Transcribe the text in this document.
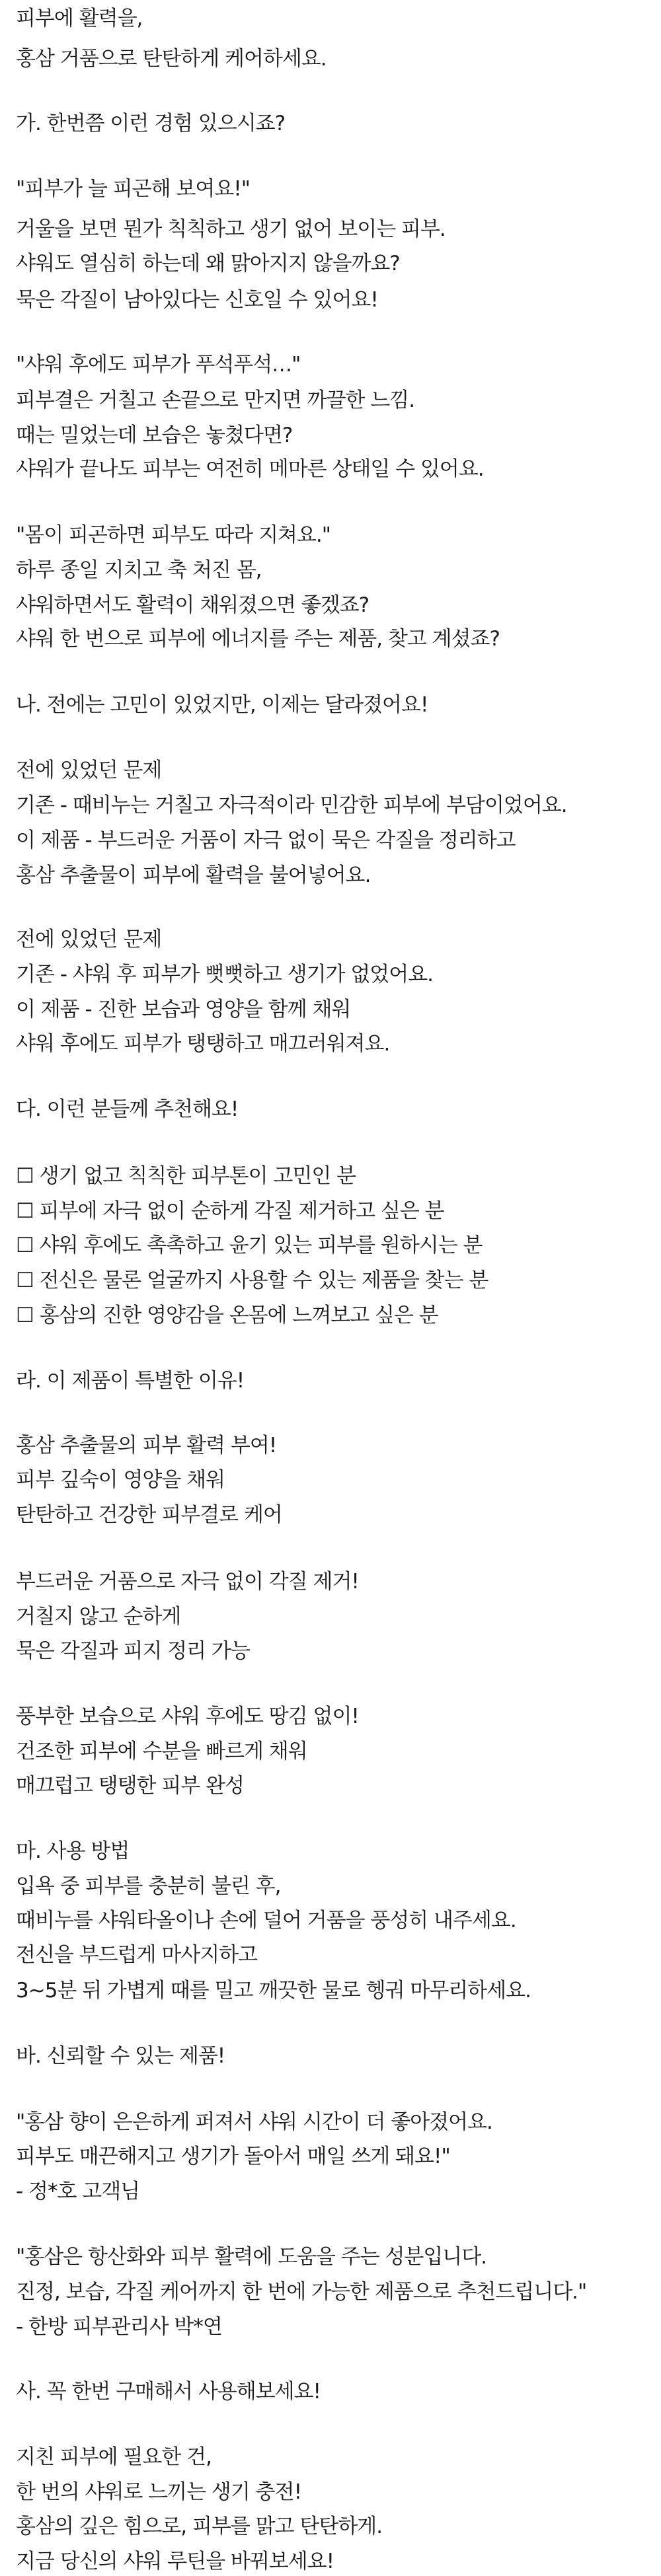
피부에 활력을,
홍삼 거품으로 탄탄하게 케어하세요.
가. 한번쯤 이런 경험 있으시죠?
"피부가 늘 피곤해 보여요!"
거울을 보면 뭔가 칙칙하고 생기 없어 보이는 피부.
샤워도 열심히 하는데 왜 맑아지지 않을까요?
묵은 각질이 남아있다는 신호일 수 있어요!
"샤워 후에도 피부가 푸석푸석…"
피부결은 거칠고 손끝으로 만지면 까끌한 느낌.
때는 밀었는데 보습은 놓쳤다면?
샤워가 끝나도 피부는 여전히 메마른 상태일 수 있어요.
"몸이 피곤하면 피부도 따라 지쳐요."
하루 종일 지치고 축 처진 몸,
샤워하면서도 활력이 채워졌으면 좋겠죠?
샤워 한 번으로 피부에 에너지를 주는 제품, 찾고 계셨죠?
나. 전에는 고민이 있었지만, 이제는 달라졌어요!
전에 있었던 문제
기존 - 때비누는 거칠고 자극적이라 민감한 피부에 부담이었어요.
이 제품 - 부드러운 거품이 자극 없이 묵은 각질을 정리하고
홍삼 추출물이 피부에 활력을 불어넣어요.
전에 있었던 문제
기존 - 샤워 후 피부가 뻣뻣하고 생기가 없었어요.
이 제품 - 진한 보습과 영양을 함께 채워
샤워 후에도 피부가 탱탱하고 매끄러워져요.
다. 이런 분들께 추천해요!
☐ 생기 없고 칙칙한 피부톤이 고민인 분
☐ 피부에 자극 없이 순하게 각질 제거하고 싶은 분
☐ 샤워 후에도 촉촉하고 윤기 있는 피부를 원하시는 분
☐ 전신은 물론 얼굴까지 사용할 수 있는 제품을 찾는 분
☐ 홍삼의 진한 영양감을 온몸에 느껴보고 싶은 분
라. 이 제품이 특별한 이유!
홍삼 추출물의 피부 활력 부여!
피부 깊숙이 영양을 채워
탄탄하고 건강한 피부결로 케어
부드러운 거품으로 자극 없이 각질 제거!
거칠지 않고 순하게
묵은 각질과 피지 정리 가능
풍부한 보습으로 샤워 후에도 땅김 없이!
건조한 피부에 수분을 빠르게 채워
매끄럽고 탱탱한 피부 완성
마. 사용 방법
입욕 중 피부를 충분히 불린 후,
때비누를 샤워타올이나 손에 덜어 거품을 풍성히 내주세요.
전신을 부드럽게 마사지하고
3~5분 뒤 가볍게 때를 밀고 깨끗한 물로 헹궈 마무리하세요.
바. 신뢰할 수 있는 제품!
"홍삼 향이 은은하게 퍼져서 샤워 시간이 더 좋아졌어요.
피부도 매끈해지고 생기가 돌아서 매일 쓰게 돼요!"
- 정*호 고객님
"홍삼은 항산화와 피부 활력에 도움을 주는 성분입니다.
진정, 보습, 각질 케어까지 한 번에 가능한 제품으로 추천드립니다."
- 한방 피부관리사 박*연
사. 꼭 한번 구매해서 사용해보세요!
지친 피부에 필요한 건,
한 번의 샤워로 느끼는 생기 충전!
홍삼의 깊은 힘으로, 피부를 맑고 탄탄하게.
지금 당신의 샤워 루틴을 바꿔보세요!
